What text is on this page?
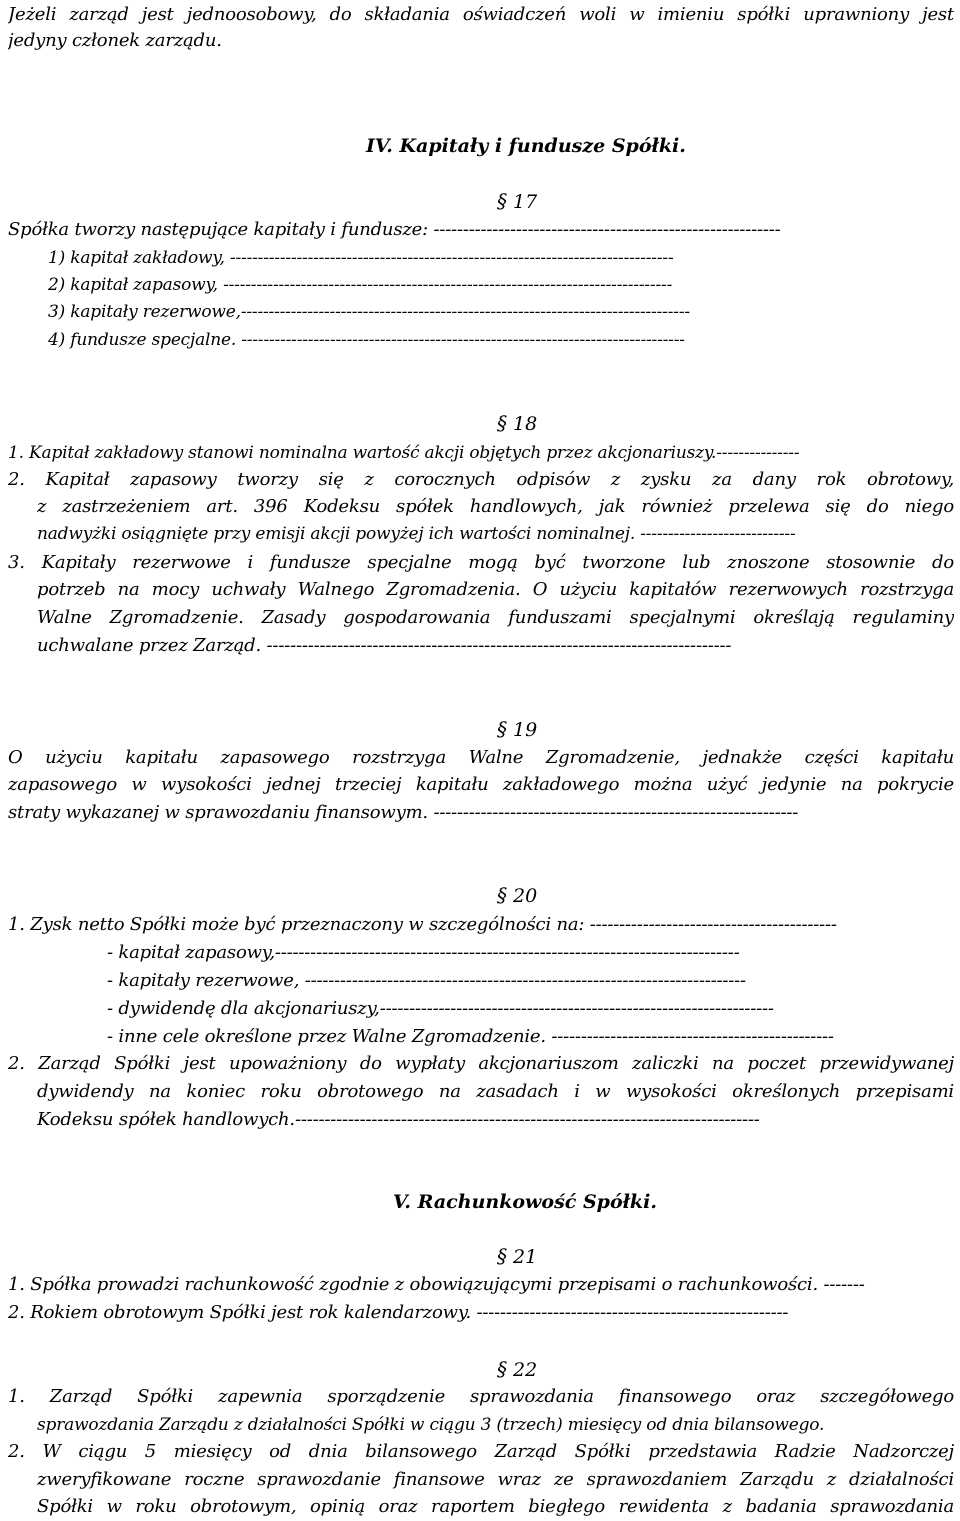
Jeżeli zarząd jest jednoosobowy, do składania oświadczeń woli w imieniu spółki uprawniony jest
jedyny członek zarządu.
IV. Kapitały i fundusze Spółki.
§ 17
Spółka tworzy następujące kapitały i fundusze: -----------------------------------------------------------
1) kapitał zakładowy, --------------------------------------------------------------------------------
2) kapitał zapasowy, ---------------------------------------------------------------------------------
3) kapitały rezerwowe,---------------------------------------------------------------------------------
4) fundusze specjalne. --------------------------------------------------------------------------------
§ 18
1. Kapitał zakładowy stanowi nominalna wartość akcji objętych przez akcjonariuszy.---------------
2. Kapitał zapasowy tworzy się z corocznych odpisów z zysku za dany rok obrotowy,
z zastrzeżeniem art. 396 Kodeksu spółek handlowych, jak również przelewa się do niego
nadwyżki osiągnięte przy emisji akcji powyżej ich wartości nominalnej. ----------------------------
3. Kapitały rezerwowe i fundusze specjalne mogą być tworzone lub znoszone stosownie do
potrzeb na mocy uchwały Walnego Zgromadzenia. O użyciu kapitałów rezerwowych rozstrzyga
Walne Zgromadzenie. Zasady gospodarowania funduszami specjalnymi określają regulaminy
uchwalane przez Zarząd. -------------------------------------------------------------------------------
§ 19
O użyciu kapitału zapasowego rozstrzyga Walne Zgromadzenie, jednakże części kapitału
zapasowego w wysokości jednej trzeciej kapitału zakładowego można użyć jedynie na pokrycie
straty wykazanej w sprawozdaniu finansowym. --------------------------------------------------------------
§ 20
1. Zysk netto Spółki może być przeznaczony w szczególności na: ------------------------------------------
- kapitał zapasowy,-------------------------------------------------------------------------------
- kapitały rezerwowe, ---------------------------------------------------------------------------
- dywidendę dla akcjonariuszy,-------------------------------------------------------------------
- inne cele określone przez Walne Zgromadzenie. ------------------------------------------------
2. Zarząd Spółki jest upoważniony do wypłaty akcjonariuszom zaliczki na poczet przewidywanej
dywidendy na koniec roku obrotowego na zasadach i w wysokości określonych przepisami
Kodeksu spółek handlowych.-------------------------------------------------------------------------------
V. Rachunkowość Spółki.
§ 21
1. Spółka prowadzi rachunkowość zgodnie z obowiązującymi przepisami o rachunkowości. -------
2. Rokiem obrotowym Spółki jest rok kalendarzowy. -----------------------------------------------------
§ 22
1. Zarząd Spółki zapewnia sporządzenie sprawozdania finansowego oraz szczegółowego
sprawozdania Zarządu z działalności Spółki w ciągu 3 (trzech) miesięcy od dnia bilansowego.
2. W ciągu 5 miesięcy od dnia bilansowego Zarząd Spółki przedstawia Radzie Nadzorczej
zweryfikowane roczne sprawozdanie finansowe wraz ze sprawozdaniem Zarządu z działalności
Spółki w roku obrotowym, opinią oraz raportem biegłego rewidenta z badania sprawozdania
